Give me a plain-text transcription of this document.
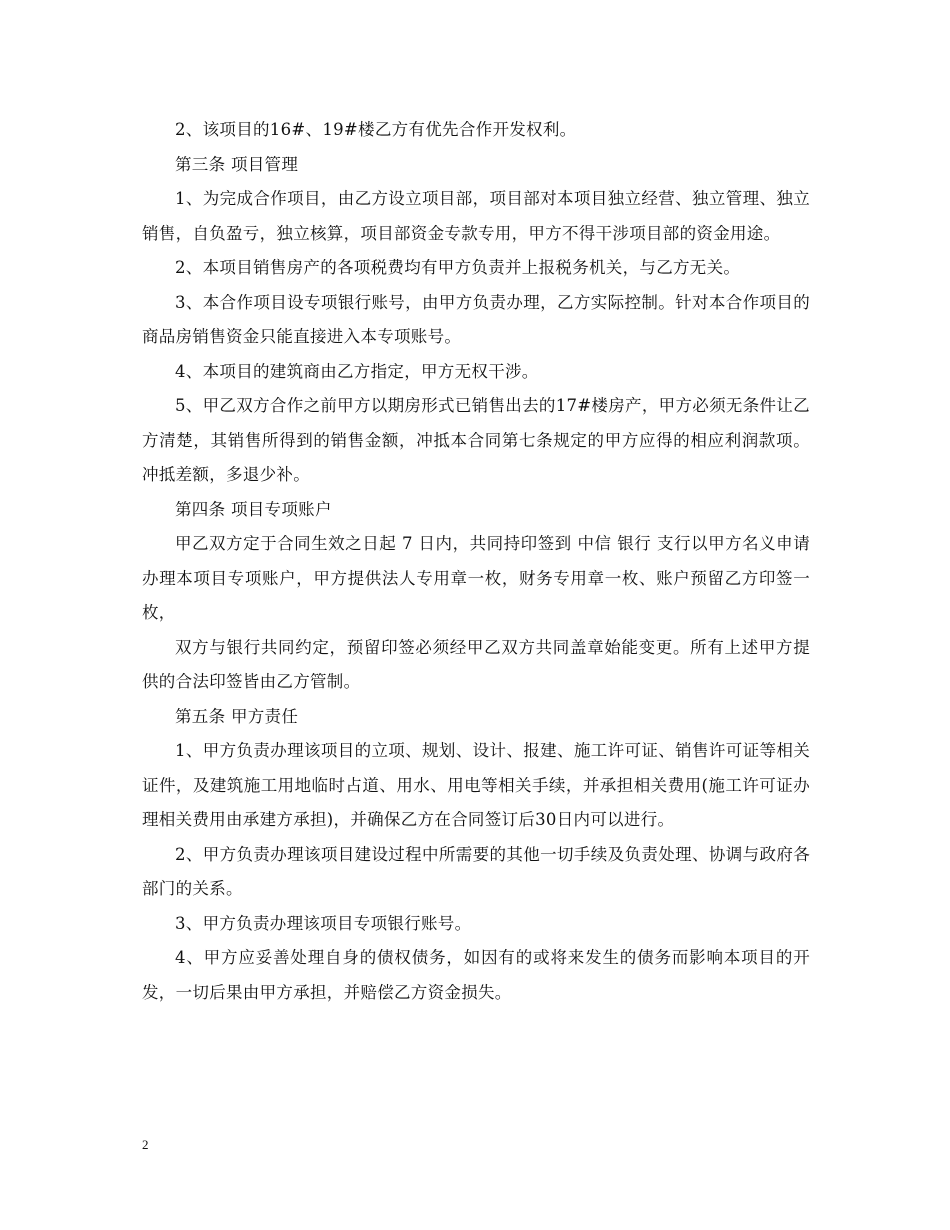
2、该项目的16#、19#楼乙方有优先合作开发权利。

第三条 项目管理

1、为完成合作项目，由乙方设立项目部，项目部对本项目独立经营、独立管理、独立销售，自负盈亏，独立核算，项目部资金专款专用，甲方不得干涉项目部的资金用途。

2、本项目销售房产的各项税费均有甲方负责并上报税务机关，与乙方无关。

3、本合作项目设专项银行账号，由甲方负责办理，乙方实际控制。针对本合作项目的商品房销售资金只能直接进入本专项账号。

4、本项目的建筑商由乙方指定，甲方无权干涉。

5、甲乙双方合作之前甲方以期房形式已销售出去的17#楼房产，甲方必须无条件让乙方清楚，其销售所得到的销售金额，冲抵本合同第七条规定的甲方应得的相应利润款项。冲抵差额，多退少补。

第四条 项目专项账户

甲乙双方定于合同生效之日起 7 日内，共同持印签到 中信 银行 支行以甲方名义申请办理本项目专项账户，甲方提供法人专用章一枚，财务专用章一枚、账户预留乙方印签一枚，

双方与银行共同约定，预留印签必须经甲乙双方共同盖章始能变更。所有上述甲方提供的合法印签皆由乙方管制。

第五条 甲方责任

1、甲方负责办理该项目的立项、规划、设计、报建、施工许可证、销售许可证等相关证件，及建筑施工用地临时占道、用水、用电等相关手续，并承担相关费用(施工许可证办理相关费用由承建方承担)，并确保乙方在合同签订后30日内可以进行。

2、甲方负责办理该项目建设过程中所需要的其他一切手续及负责处理、协调与政府各部门的关系。

3、甲方负责办理该项目专项银行账号。

4、甲方应妥善处理自身的债权债务，如因有的或将来发生的债务而影响本项目的开发，一切后果由甲方承担，并赔偿乙方资金损失。

2
